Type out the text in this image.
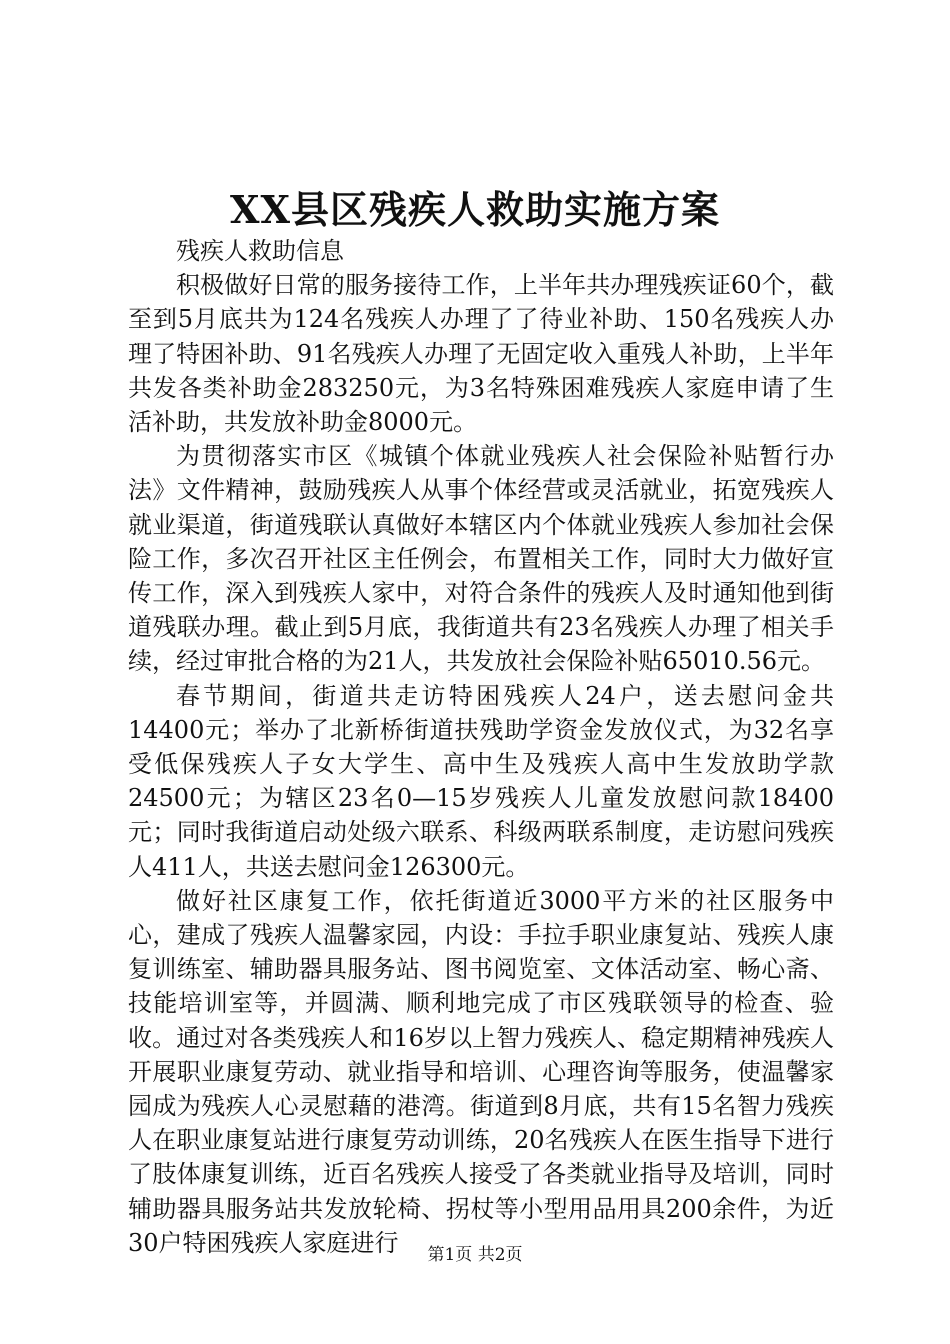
XX县区残疾人救助实施方案

残疾人救助信息

积极做好日常的服务接待工作，上半年共办理残疾证60个，截至到5月底共为124名残疾人办理了了待业补助、150名残疾人办理了特困补助、91名残疾人办理了无固定收入重残人补助，上半年共发各类补助金283250元，为3名特殊困难残疾人家庭申请了生活补助，共发放补助金8000元。

为贯彻落实市区《城镇个体就业残疾人社会保险补贴暂行办法》文件精神，鼓励残疾人从事个体经营或灵活就业，拓宽残疾人就业渠道，街道残联认真做好本辖区内个体就业残疾人参加社会保险工作，多次召开社区主任例会，布置相关工作，同时大力做好宣传工作，深入到残疾人家中，对符合条件的残疾人及时通知他到街道残联办理。截止到5月底，我街道共有23名残疾人办理了相关手续，经过审批合格的为21人，共发放社会保险补贴65010.56元。

春节期间，街道共走访特困残疾人24户，送去慰问金共14400元；举办了北新桥街道扶残助学资金发放仪式，为32名享受低保残疾人子女大学生、高中生及残疾人高中生发放助学款24500元；为辖区23名0—15岁残疾人儿童发放慰问款18400元；同时我街道启动处级六联系、科级两联系制度，走访慰问残疾人411人，共送去慰问金126300元。

做好社区康复工作，依托街道近3000平方米的社区服务中心，建成了残疾人温馨家园，内设：手拉手职业康复站、残疾人康复训练室、辅助器具服务站、图书阅览室、文体活动室、畅心斋、技能培训室等，并圆满、顺利地完成了市区残联领导的检查、验收。通过对各类残疾人和16岁以上智力残疾人、稳定期精神残疾人开展职业康复劳动、就业指导和培训、心理咨询等服务，使温馨家园成为残疾人心灵慰藉的港湾。街道到8月底，共有15名智力残疾人在职业康复站进行康复劳动训练，20名残疾人在医生指导下进行了肢体康复训练，近百名残疾人接受了各类就业指导及培训，同时辅助器具服务站共发放轮椅、拐杖等小型用品用具200余件，为近30户特困残疾人家庭进行	第1页 共2页
